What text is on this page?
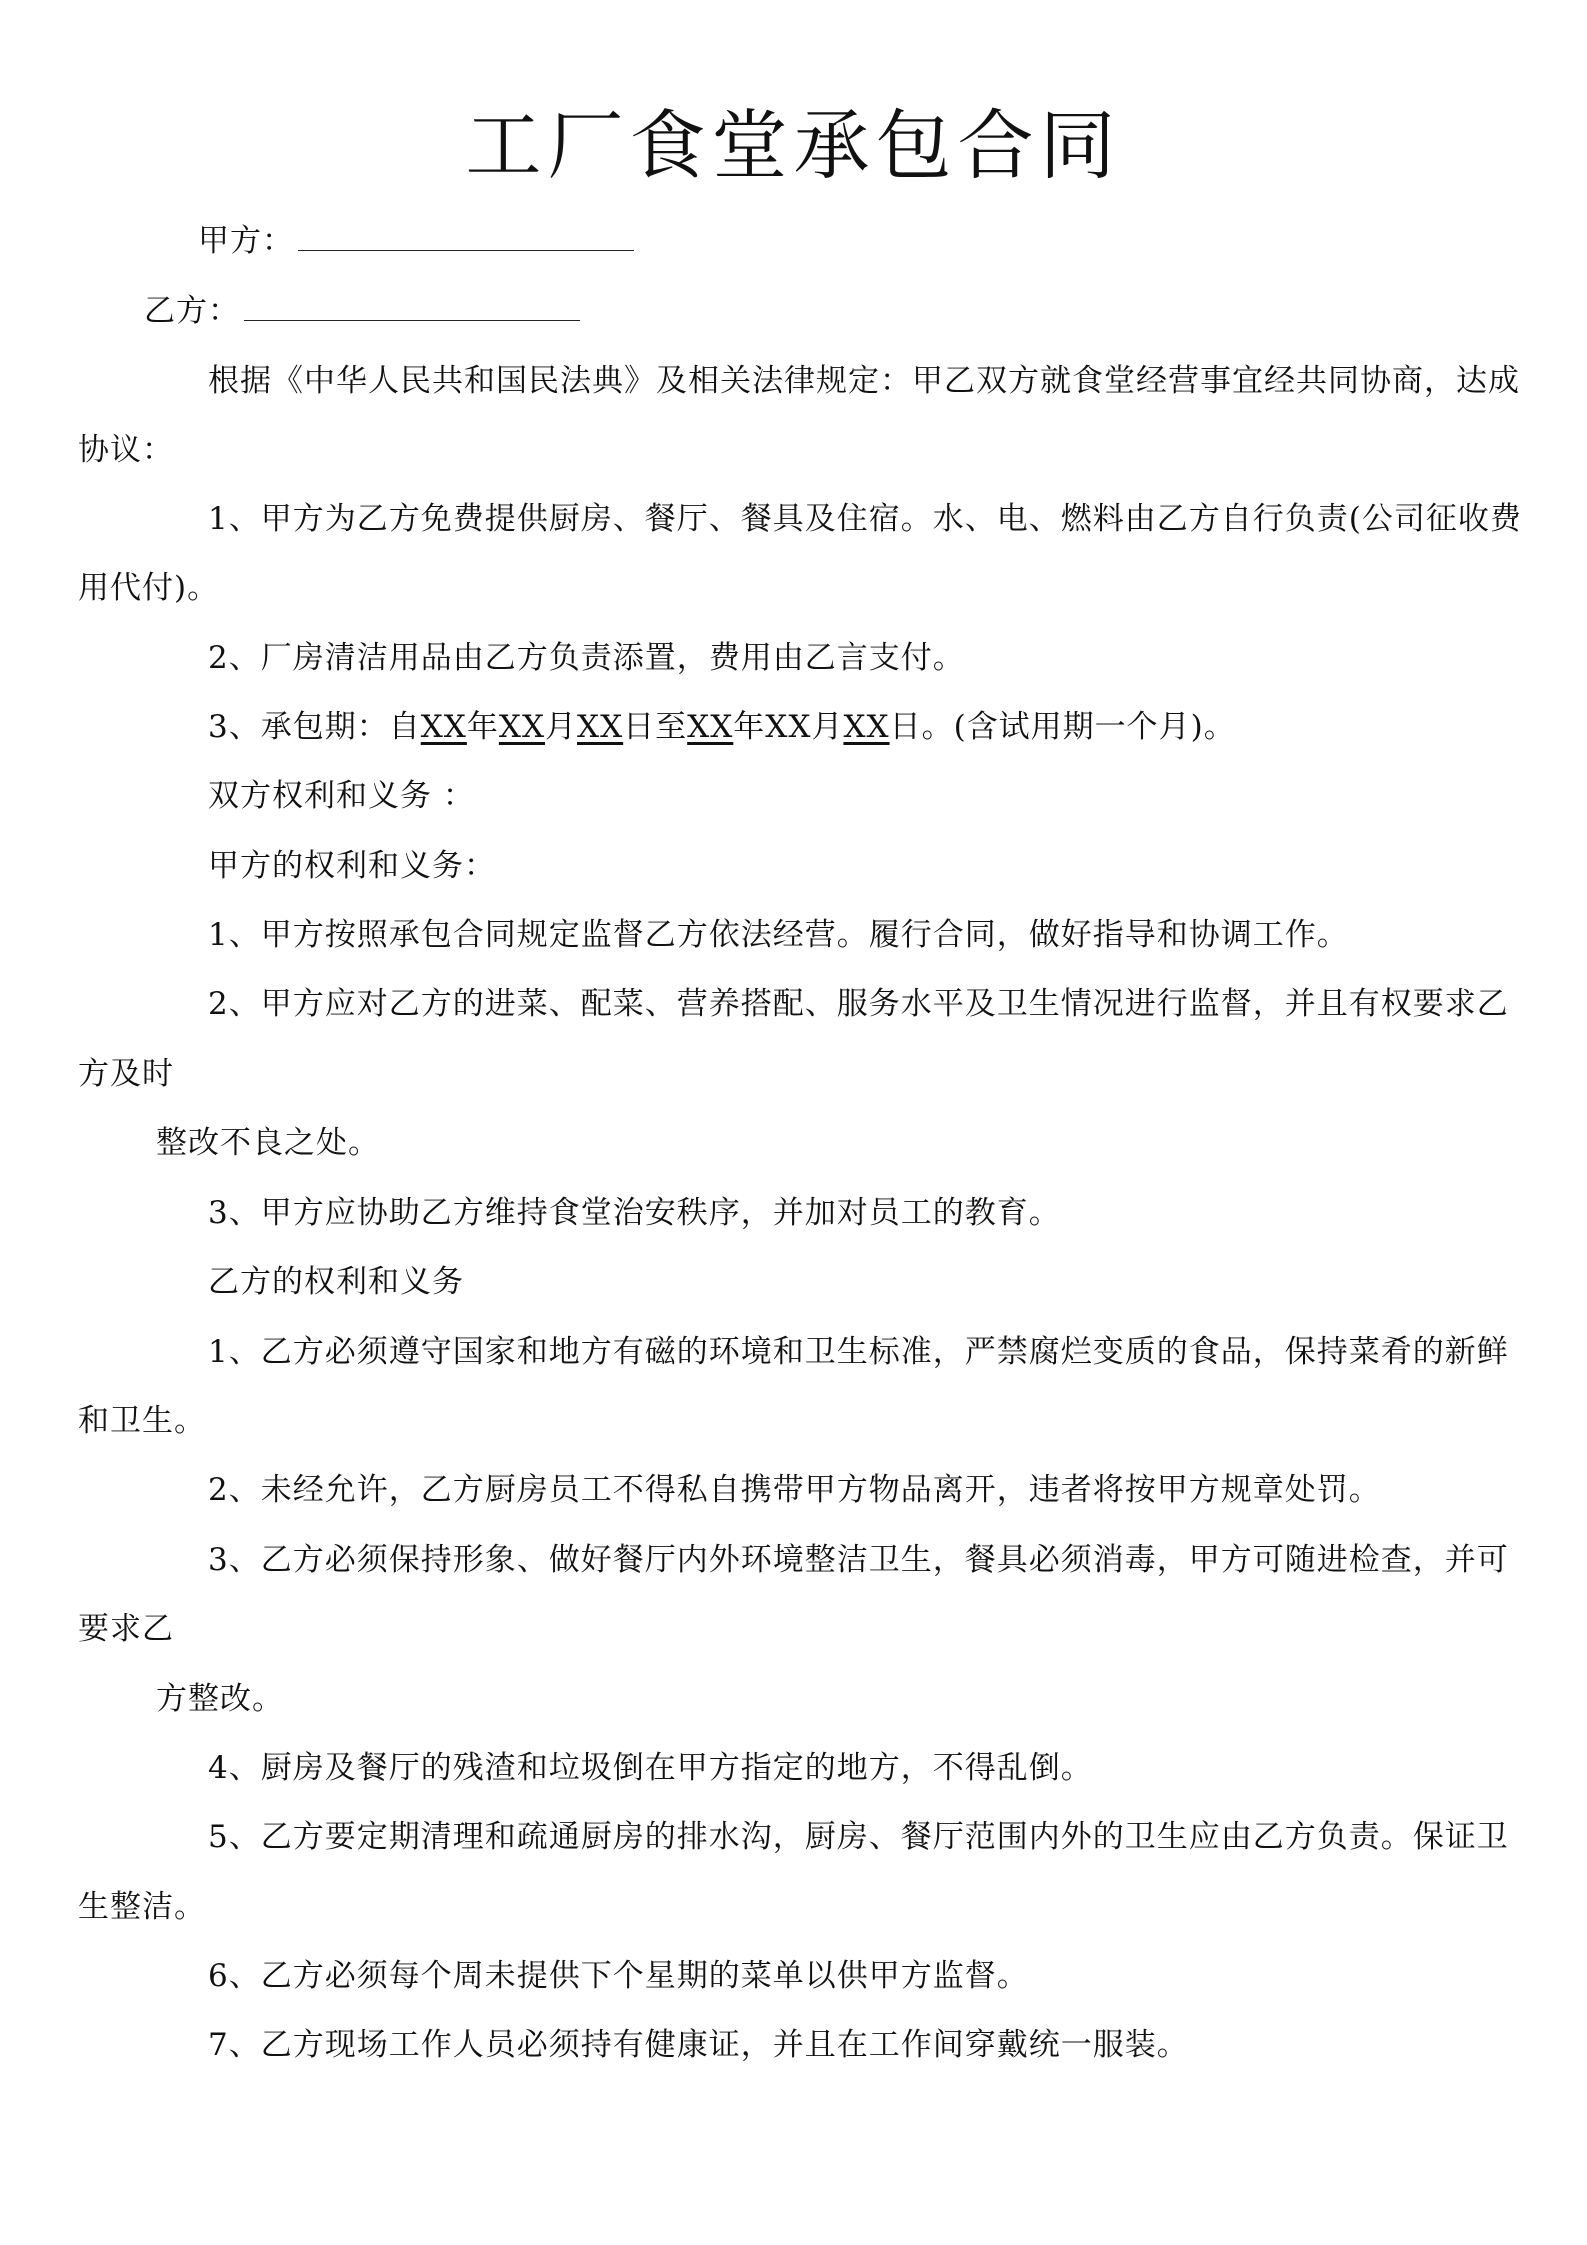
工厂食堂承包合同
甲方：
乙方：
根据《中华人民共和国民法典》及相关法律规定：甲乙双方就食堂经营事宜经共同协商，达成
协议：
1、甲方为乙方免费提供厨房、餐厅、餐具及住宿。水、电、燃料由乙方自行负责(公司征收费
用代付)。
2、厂房清洁用品由乙方负责添置，费用由乙言支付。
3、承包期：自XX年XX月XX日至XX年XX月XX日。(含试用期一个月)。
双方权利和义务 ：
甲方的权利和义务：
1、甲方按照承包合同规定监督乙方依法经营。履行合同，做好指导和协调工作。
2、甲方应对乙方的进菜、配菜、营养搭配、服务水平及卫生情况进行监督，并且有权要求乙
方及时
整改不良之处。
3、甲方应协助乙方维持食堂治安秩序，并加对员工的教育。
乙方的权利和义务
1、乙方必须遵守国家和地方有磁的环境和卫生标准，严禁腐烂变质的食品，保持菜肴的新鲜
和卫生。
2、未经允许，乙方厨房员工不得私自携带甲方物品离开，违者将按甲方规章处罚。
3、乙方必须保持形象、做好餐厅内外环境整洁卫生，餐具必须消毒，甲方可随进检查，并可
要求乙
方整改。
4、厨房及餐厅的残渣和垃圾倒在甲方指定的地方，不得乱倒。
5、乙方要定期清理和疏通厨房的排水沟，厨房、餐厅范围内外的卫生应由乙方负责。保证卫
生整洁。
6、乙方必须每个周未提供下个星期的菜单以供甲方监督。
7、乙方现场工作人员必须持有健康证，并且在工作间穿戴统一服装。
